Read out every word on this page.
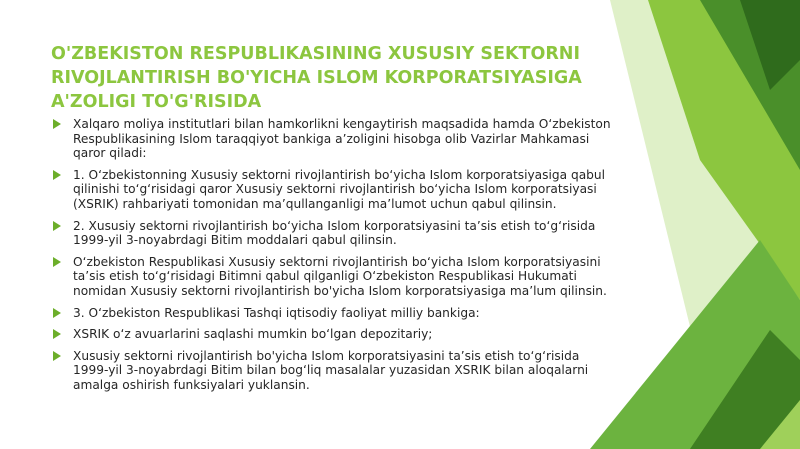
O'ZBEKISTON RESPUBLIKASINING XUSUSIY SEKTORNI RIVOJLANTIRISH BO'YICHA ISLOM KORPORATSIYASIGA A'ZOLIGI TO'G'RISIDA
Xalqaro moliya institutlari bilan hamkorlikni kengaytirish maqsadida hamda O‘zbekiston Respublikasining Islom taraqqiyot bankiga a’zoligini hisobga olib Vazirlar Mahkamasi qaror qiladi:
1. O‘zbekistonning Xususiy sektorni rivojlantirish bo‘yicha Islom korporatsiyasiga qabul qilinishi to‘g‘risidagi qaror Xususiy sektorni rivojlantirish bo‘yicha Islom korporatsiyasi (XSRIK) rahbariyati tomonidan ma’qullanganligi ma’lumot uchun qabul qilinsin.
2. Xususiy sektorni rivojlantirish bo‘yicha Islom korporatsiyasini ta’sis etish to‘g‘risida 1999-yil 3-noyabrdagi Bitim moddalari qabul qilinsin.
O‘zbekiston Respublikasi Xususiy sektorni rivojlantirish bo‘yicha Islom korporatsiyasini ta’sis etish to‘g‘risidagi Bitimni qabul qilganligi O‘zbekiston Respublikasi Hukumati nomidan Xususiy sektorni rivojlantirish bo'yicha Islom korporatsiyasiga ma’lum qilinsin.
3. O‘zbekiston Respublikasi Tashqi iqtisodiy faoliyat milliy bankiga:
XSRIK o‘z avuarlarini saqlashi mumkin bo‘lgan depozitariy;
Xususiy sektorni rivojlantirish bo'yicha Islom korporatsiyasini ta’sis etish to‘g‘risida 1999-yil 3-noyabrdagi Bitim bilan bog‘liq masalalar yuzasidan XSRIK bilan aloqalarni amalga oshirish funksiyalari yuklansin.
